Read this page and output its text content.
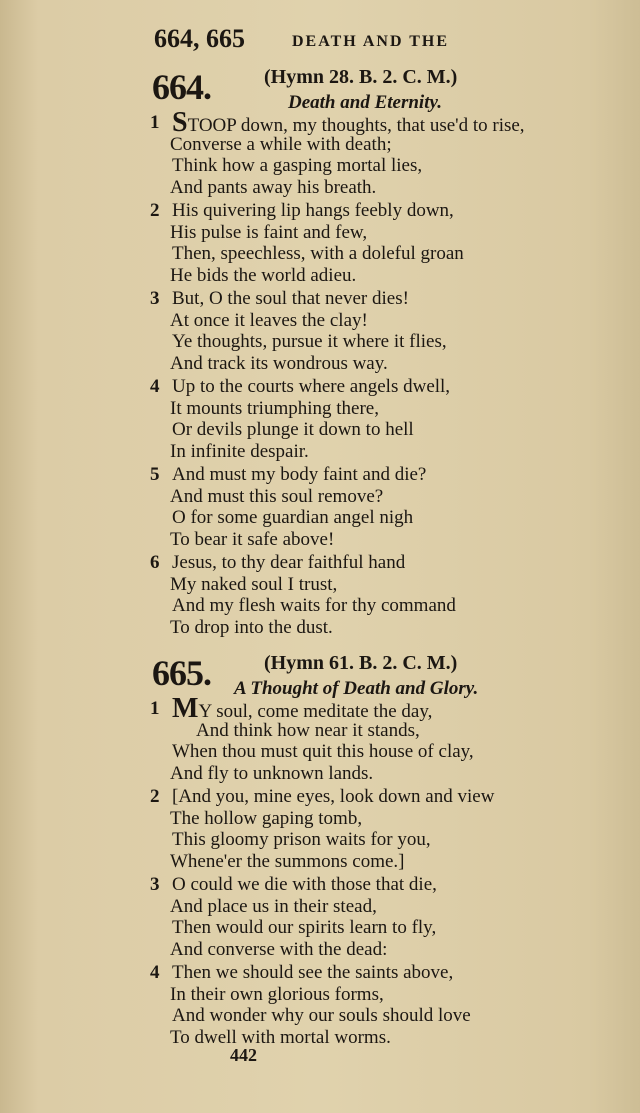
664, 665	DEATH AND THE
664.	(Hymn 28. B. 2. C. M.)
Death and Eternity.
1 STOOP down, my thoughts, that use'd to rise,
Converse a while with death;
Think how a gasping mortal lies,
And pants away his breath.
2 His quivering lip hangs feebly down,
His pulse is faint and few,
Then, speechless, with a doleful groan
He bids the world adieu.
3 But, O the soul that never dies!
At once it leaves the clay!
Ye thoughts, pursue it where it flies,
And track its wondrous way.
4 Up to the courts where angels dwell,
It mounts triumphing there,
Or devils plunge it down to hell
In infinite despair.
5 And must my body faint and die?
And must this soul remove?
O for some guardian angel nigh
To bear it safe above!
6 Jesus, to thy dear faithful hand
My naked soul I trust,
And my flesh waits for thy command
To drop into the dust.
665.	(Hymn 61. B. 2. C. M.)
A Thought of Death and Glory.
1 MY soul, come meditate the day,
And think how near it stands,
When thou must quit this house of clay,
And fly to unknown lands.
2 [And you, mine eyes, look down and view
The hollow gaping tomb,
This gloomy prison waits for you,
Whene'er the summons come.]
3 O could we die with those that die,
And place us in their stead,
Then would our spirits learn to fly,
And converse with the dead:
4 Then we should see the saints above,
In their own glorious forms,
And wonder why our souls should love
To dwell with mortal worms.
442
